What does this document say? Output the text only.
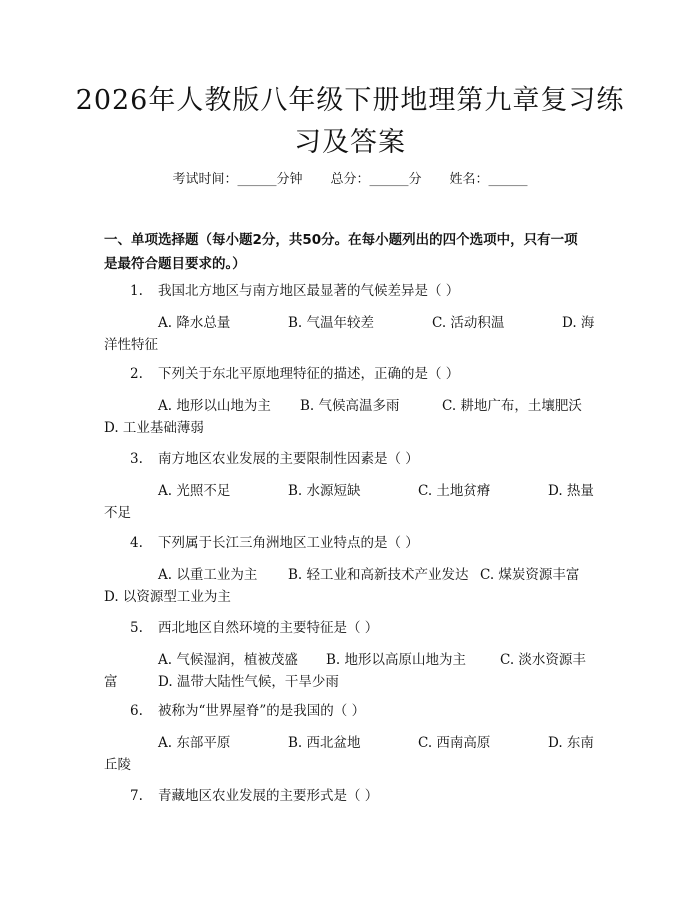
2026年人教版八年级下册地理第九章复习练
习及答案
考试时间：______分钟 总分：______分 姓名：______
一、单项选择题（每小题2分，共50分。在每小题列出的四个选项中，只有一项
是最符合题目要求的。）
1. 我国北方地区与南方地区最显著的气候差异是（ ）
A. 降水总量	B. 气温年较差	C. 活动积温	D. 海
洋性特征
2. 下列关于东北平原地理特征的描述，正确的是（ ）
A. 地形以山地为主 B. 气候高温多雨	C. 耕地广布，土壤肥沃
D. 工业基础薄弱
3. 南方地区农业发展的主要限制性因素是（ ）
A. 光照不足	B. 水源短缺	C. 土地贫瘠	D. 热量
不足
4. 下列属于长江三角洲地区工业特点的是（ ）
A. 以重工业为主 B. 轻工业和高新技术产业发达 C. 煤炭资源丰富
D. 以资源型工业为主
5. 西北地区自然环境的主要特征是（ ）
A. 气候湿润，植被茂盛 B. 地形以高原山地为主	C. 淡水资源丰
富	D. 温带大陆性气候，干旱少雨
6. 被称为“世界屋脊”的是我国的（ ）
A. 东部平原	B. 西北盆地	C. 西南高原	D. 东南
丘陵
7. 青藏地区农业发展的主要形式是（ ）
